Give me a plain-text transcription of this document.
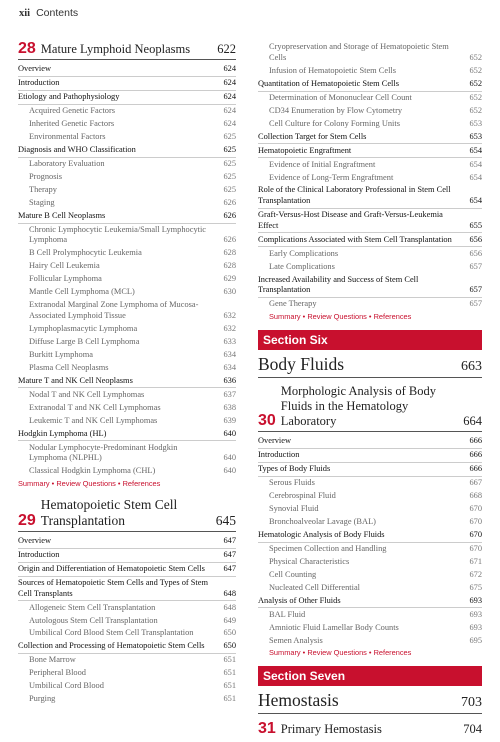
xii Contents
28 Mature Lymphoid Neoplasms	622
Overview	624
Introduction	624
Etiology and Pathophysiology	624
Acquired Genetic Factors	624
Inherited Genetic Factors	624
Environmental Factors	625
Diagnosis and WHO Classification	625
Laboratory Evaluation	625
Prognosis	625
Therapy	625
Staging	626
Mature B Cell Neoplasms	626
Chronic Lymphocytic Leukemia/Small Lymphocytic Lymphoma	626
B Cell Prolymphocytic Leukemia	628
Hairy Cell Leukemia	628
Follicular Lymphoma	629
Mantle Cell Lymphoma (MCL)	630
Extranodal Marginal Zone Lymphoma of Mucosa-Associated Lymphoid Tissue	632
Lymphoplasmacytic Lymphoma	632
Diffuse Large B Cell Lymphoma	633
Burkitt Lymphoma	634
Plasma Cell Neoplasms	634
Mature T and NK Cell Neoplasms	636
Nodal T and NK Cell Lymphomas	637
Extranodal T and NK Cell Lymphomas	638
Leukemic T and NK Cell Lymphomas	639
Hodgkin Lymphoma (HL)	640
Nodular Lymphocyte-Predominant Hodgkin Lymphoma (NLPHL)	640
Classical Hodgkin Lymphoma (CHL)	640
Summary • Review Questions • References
29
Hematopoietic Stem Cell Transplantation	645
Overview	647
Introduction	647
Origin and Differentiation of Hematopoietic Stem Cells	647
Sources of Hematopoietic Stem Cells and Types of Stem Cell Transplants	648
Allogeneic Stem Cell Transplantation	648
Autologous Stem Cell Transplantation	649
Umbilical Cord Blood Stem Cell Transplantation	650
Collection and Processing of Hematopoietic Stem Cells	650
Bone Marrow	651
Peripheral Blood	651
Umbilical Cord Blood	651
Purging	651
Cryopreservation and Storage of Hematopoietic Stem Cells	652
Infusion of Hematopoietic Stem Cells	652
Quantitation of Hematopoietic Stem Cells	652
Determination of Mononuclear Cell Count	652
CD34 Enumeration by Flow Cytometry	652
Cell Culture for Colony Forming Units	653
Collection Target for Stem Cells	653
Hematopoietic Engraftment	654
Evidence of Initial Engraftment	654
Evidence of Long-Term Engraftment	654
Role of the Clinical Laboratory Professional in Stem Cell Transplantation	654
Graft-Versus-Host Disease and Graft-Versus-Leukemia Effect	655
Complications Associated with Stem Cell Transplantation	656
Early Complications	656
Late Complications	657
Increased Availability and Success of Stem Cell Transplantation	657
Gene Therapy	657
Summary • Review Questions • References
Section Six
Body Fluids	663
30
Morphologic Analysis of Body Fluids in the Hematology Laboratory	664
Overview	666
Introduction	666
Types of Body Fluids	666
Serous Fluids	667
Cerebrospinal Fluid	668
Synovial Fluid	670
Bronchoalveolar Lavage (BAL)	670
Hematologic Analysis of Body Fluids	670
Specimen Collection and Handling	670
Physical Characteristics	671
Cell Counting	672
Nucleated Cell Differential	675
Analysis of Other Fluids	693
BAL Fluid	693
Amniotic Fluid Lamellar Body Counts	693
Semen Analysis	695
Summary • Review Questions • References
Section Seven
Hemostasis	703
31 Primary Hemostasis	704
